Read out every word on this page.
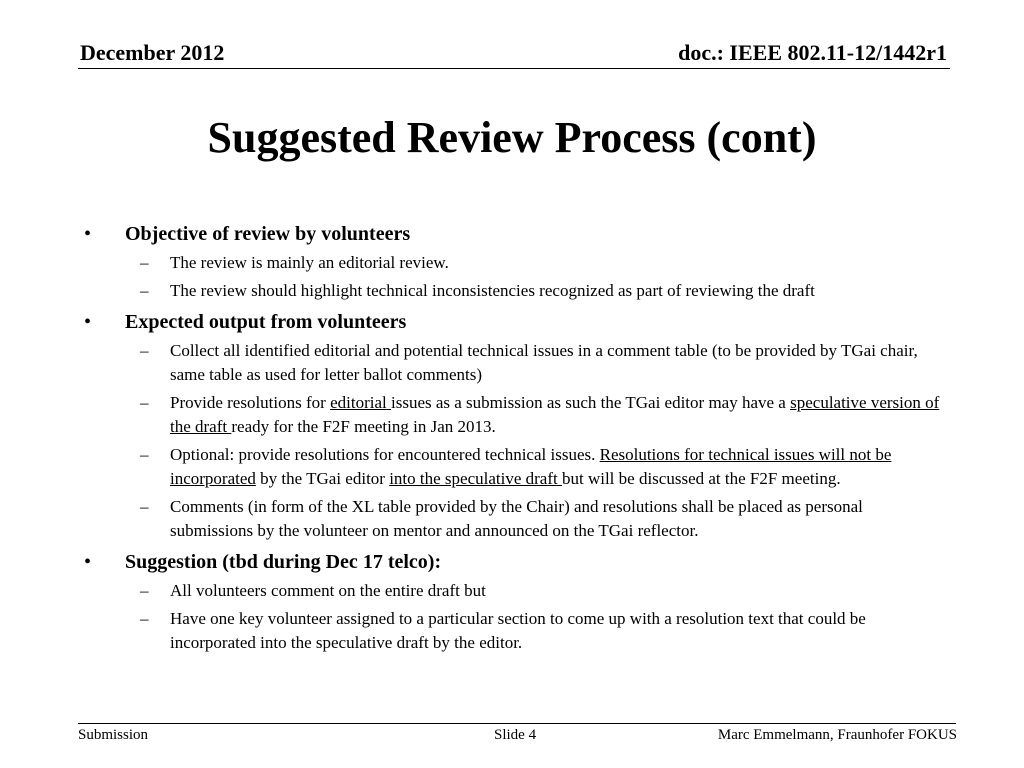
December 2012	doc.: IEEE 802.11-12/1442r1
Suggested Review Process (cont)
• Objective of review by volunteers
– The review is mainly an editorial review.
– The review should highlight technical inconsistencies recognized as part of reviewing the draft
• Expected output from volunteers
– Collect all identified editorial and potential technical issues in a comment table (to be provided by TGai chair, same table as used for letter ballot comments)
– Provide resolutions for editorial issues as a submission as such the TGai editor may have a speculative version of the draft ready for the F2F meeting in Jan 2013.
– Optional: provide resolutions for encountered technical issues. Resolutions for technical issues will not be incorporated by the TGai editor into the speculative draft but will be discussed at the F2F meeting.
– Comments (in form of the XL table provided by the Chair) and resolutions shall be placed as personal submissions by the volunteer on mentor and announced on the TGai reflector.
• Suggestion (tbd during Dec 17 telco):
– All volunteers comment on the entire draft but
– Have one key volunteer assigned to a particular section to come up with a resolution text that could be incorporated into the speculative draft by the editor.
Submission	Slide 4	Marc Emmelmann, Fraunhofer FOKUS
